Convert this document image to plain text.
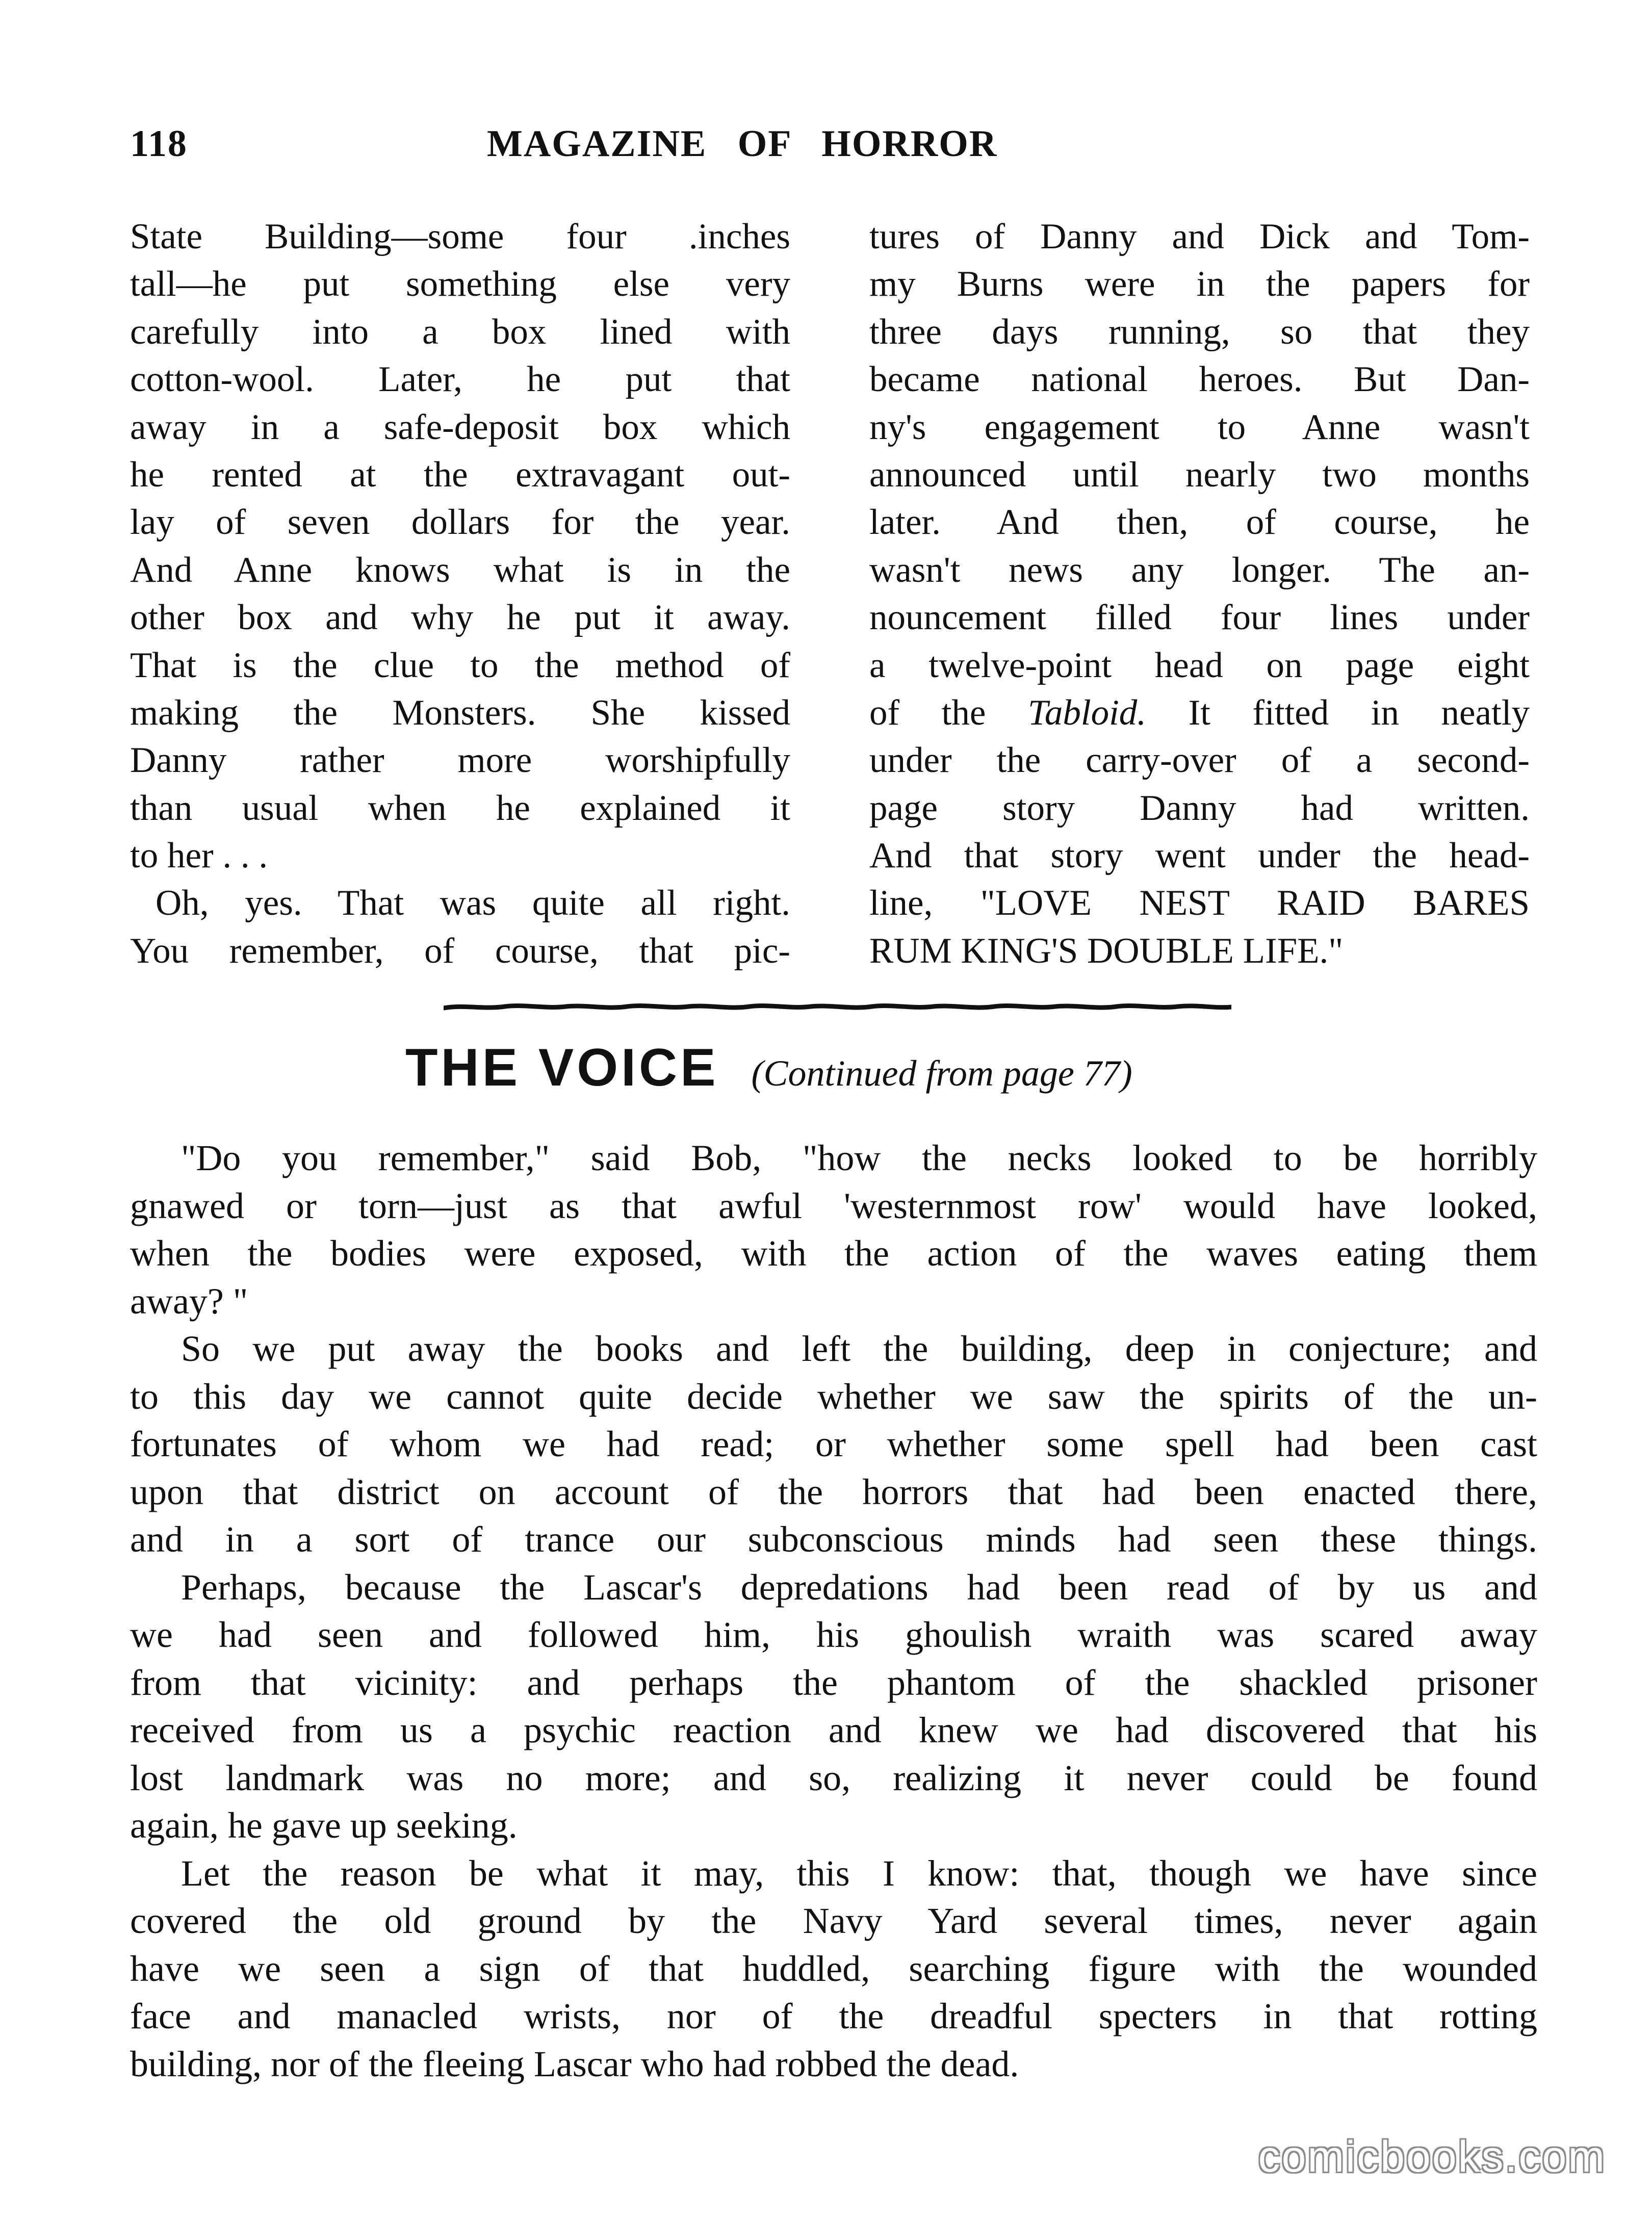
118	MAGAZINE OF HORROR
State Building—some four .inches
tall—he put something else very
carefully into a box lined with
cotton-wool. Later, he put that
away in a safe-deposit box which
he rented at the extravagant out-
lay of seven dollars for the year.
And Anne knows what is in the
other box and why he put it away.
That is the clue to the method of
making the Monsters. She kissed
Danny rather more worshipfully
than usual when he explained it
to her . . .
Oh, yes. That was quite all right.
You remember, of course, that pic-
tures of Danny and Dick and Tom-
my Burns were in the papers for
three days running, so that they
became national heroes. But Dan-
ny's engagement to Anne wasn't
announced until nearly two months
later. And then, of course, he
wasn't news any longer. The an-
nouncement filled four lines under
a twelve-point head on page eight
of the Tabloid. It fitted in neatly
under the carry-over of a second-
page story Danny had written.
And that story went under the head-
line, "LOVE NEST RAID BARES
RUM KING'S DOUBLE LIFE."
THE VOICE (Continued from page 77)
"Do you remember," said Bob, "how the necks looked to be horribly
gnawed or torn—just as that awful 'westernmost row' would have looked,
when the bodies were exposed, with the action of the waves eating them
away? "
So we put away the books and left the building, deep in conjecture; and
to this day we cannot quite decide whether we saw the spirits of the un-
fortunates of whom we had read; or whether some spell had been cast
upon that district on account of the horrors that had been enacted there,
and in a sort of trance our subconscious minds had seen these things.
Perhaps, because the Lascar's depredations had been read of by us and
we had seen and followed him, his ghoulish wraith was scared away
from that vicinity: and perhaps the phantom of the shackled prisoner
received from us a psychic reaction and knew we had discovered that his
lost landmark was no more; and so, realizing it never could be found
again, he gave up seeking.
Let the reason be what it may, this I know: that, though we have since
covered the old ground by the Navy Yard several times, never again
have we seen a sign of that huddled, searching figure with the wounded
face and manacled wrists, nor of the dreadful specters in that rotting
building, nor of the fleeing Lascar who had robbed the dead.
comicbooks.com
